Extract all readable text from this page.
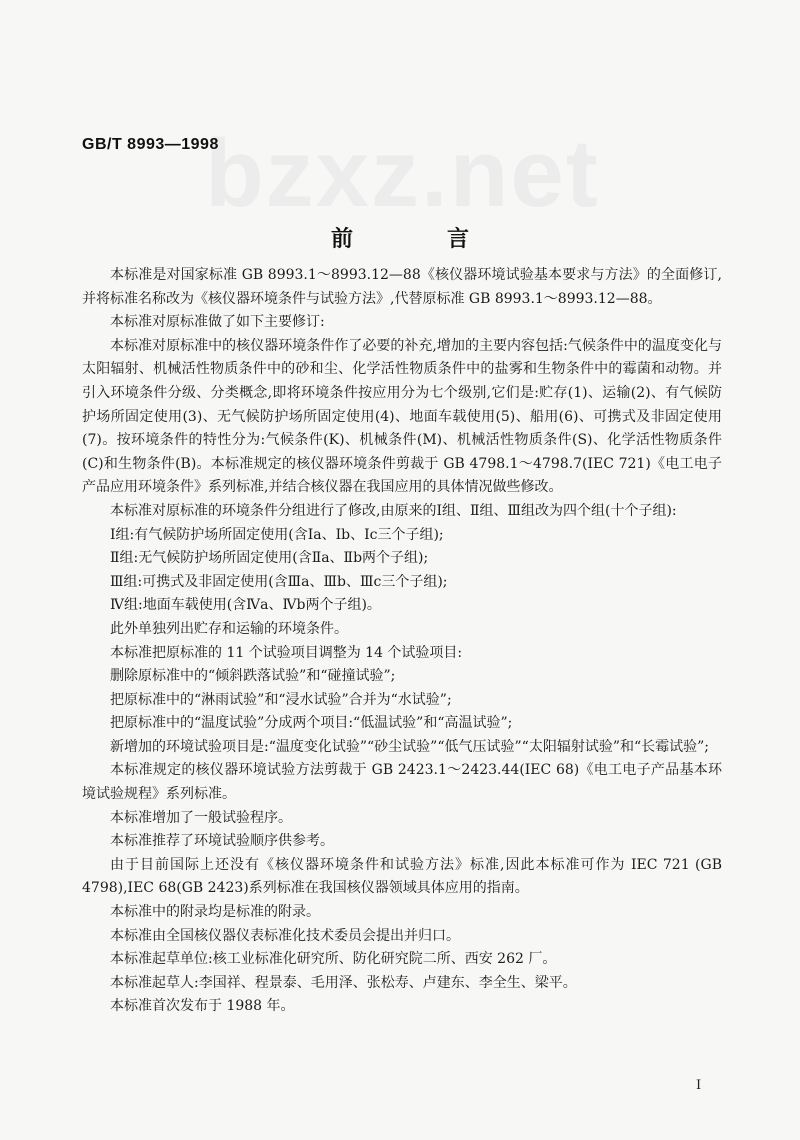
bzxz.net
GB/T 8993—1998
前　言

本标准是对国家标准 GB 8993.1～8993.12—88《核仪器环境试验基本要求与方法》的全面修订,并将标准名称改为《核仪器环境条件与试验方法》,代替原标准 GB 8993.1～8993.12—88。

本标准对原标准做了如下主要修订:

本标准对原标准中的核仪器环境条件作了必要的补充,增加的主要内容包括:气候条件中的温度变化与太阳辐射、机械活性物质条件中的砂和尘、化学活性物质条件中的盐雾和生物条件中的霉菌和动物。并引入环境条件分级、分类概念,即将环境条件按应用分为七个级别,它们是:贮存(1)、运输(2)、有气候防护场所固定使用(3)、无气候防护场所固定使用(4)、地面车载使用(5)、船用(6)、可携式及非固定使用(7)。按环境条件的特性分为:气候条件(K)、机械条件(M)、机械活性物质条件(S)、化学活性物质条件(C)和生物条件(B)。本标准规定的核仪器环境条件剪裁于 GB 4798.1～4798.7(IEC 721)《电工电子产品应用环境条件》系列标准,并结合核仪器在我国应用的具体情况做些修改。

本标准对原标准的环境条件分组进行了修改,由原来的Ⅰ组、Ⅱ组、Ⅲ组改为四个组(十个子组):

Ⅰ组:有气候防护场所固定使用(含Ⅰa、Ⅰb、Ⅰc三个子组);

Ⅱ组:无气候防护场所固定使用(含Ⅱa、Ⅱb两个子组);

Ⅲ组:可携式及非固定使用(含Ⅲa、Ⅲb、Ⅲc三个子组);

Ⅳ组:地面车载使用(含Ⅳa、Ⅳb两个子组)。

此外单独列出贮存和运输的环境条件。

本标准把原标准的 11 个试验项目调整为 14 个试验项目:

删除原标准中的“倾斜跌落试验”和“碰撞试验”;

把原标准中的“淋雨试验”和“浸水试验”合并为“水试验”;

把原标准中的“温度试验”分成两个项目:“低温试验”和“高温试验”;

新增加的环境试验项目是:“温度变化试验”“砂尘试验”“低气压试验”“太阳辐射试验”和“长霉试验”;

本标准规定的核仪器环境试验方法剪裁于 GB 2423.1～2423.44(IEC 68)《电工电子产品基本环境试验规程》系列标准。

本标准增加了一般试验程序。

本标准推荐了环境试验顺序供参考。

由于目前国际上还没有《核仪器环境条件和试验方法》标准,因此本标准可作为 IEC 721 (GB 4798),IEC 68(GB 2423)系列标准在我国核仪器领域具体应用的指南。

本标准中的附录均是标准的附录。

本标准由全国核仪器仪表标准化技术委员会提出并归口。

本标准起草单位:核工业标准化研究所、防化研究院二所、西安 262 厂。

本标准起草人:李国祥、程景泰、毛用泽、张松寿、卢建东、李全生、梁平。

本标准首次发布于 1988 年。

I
